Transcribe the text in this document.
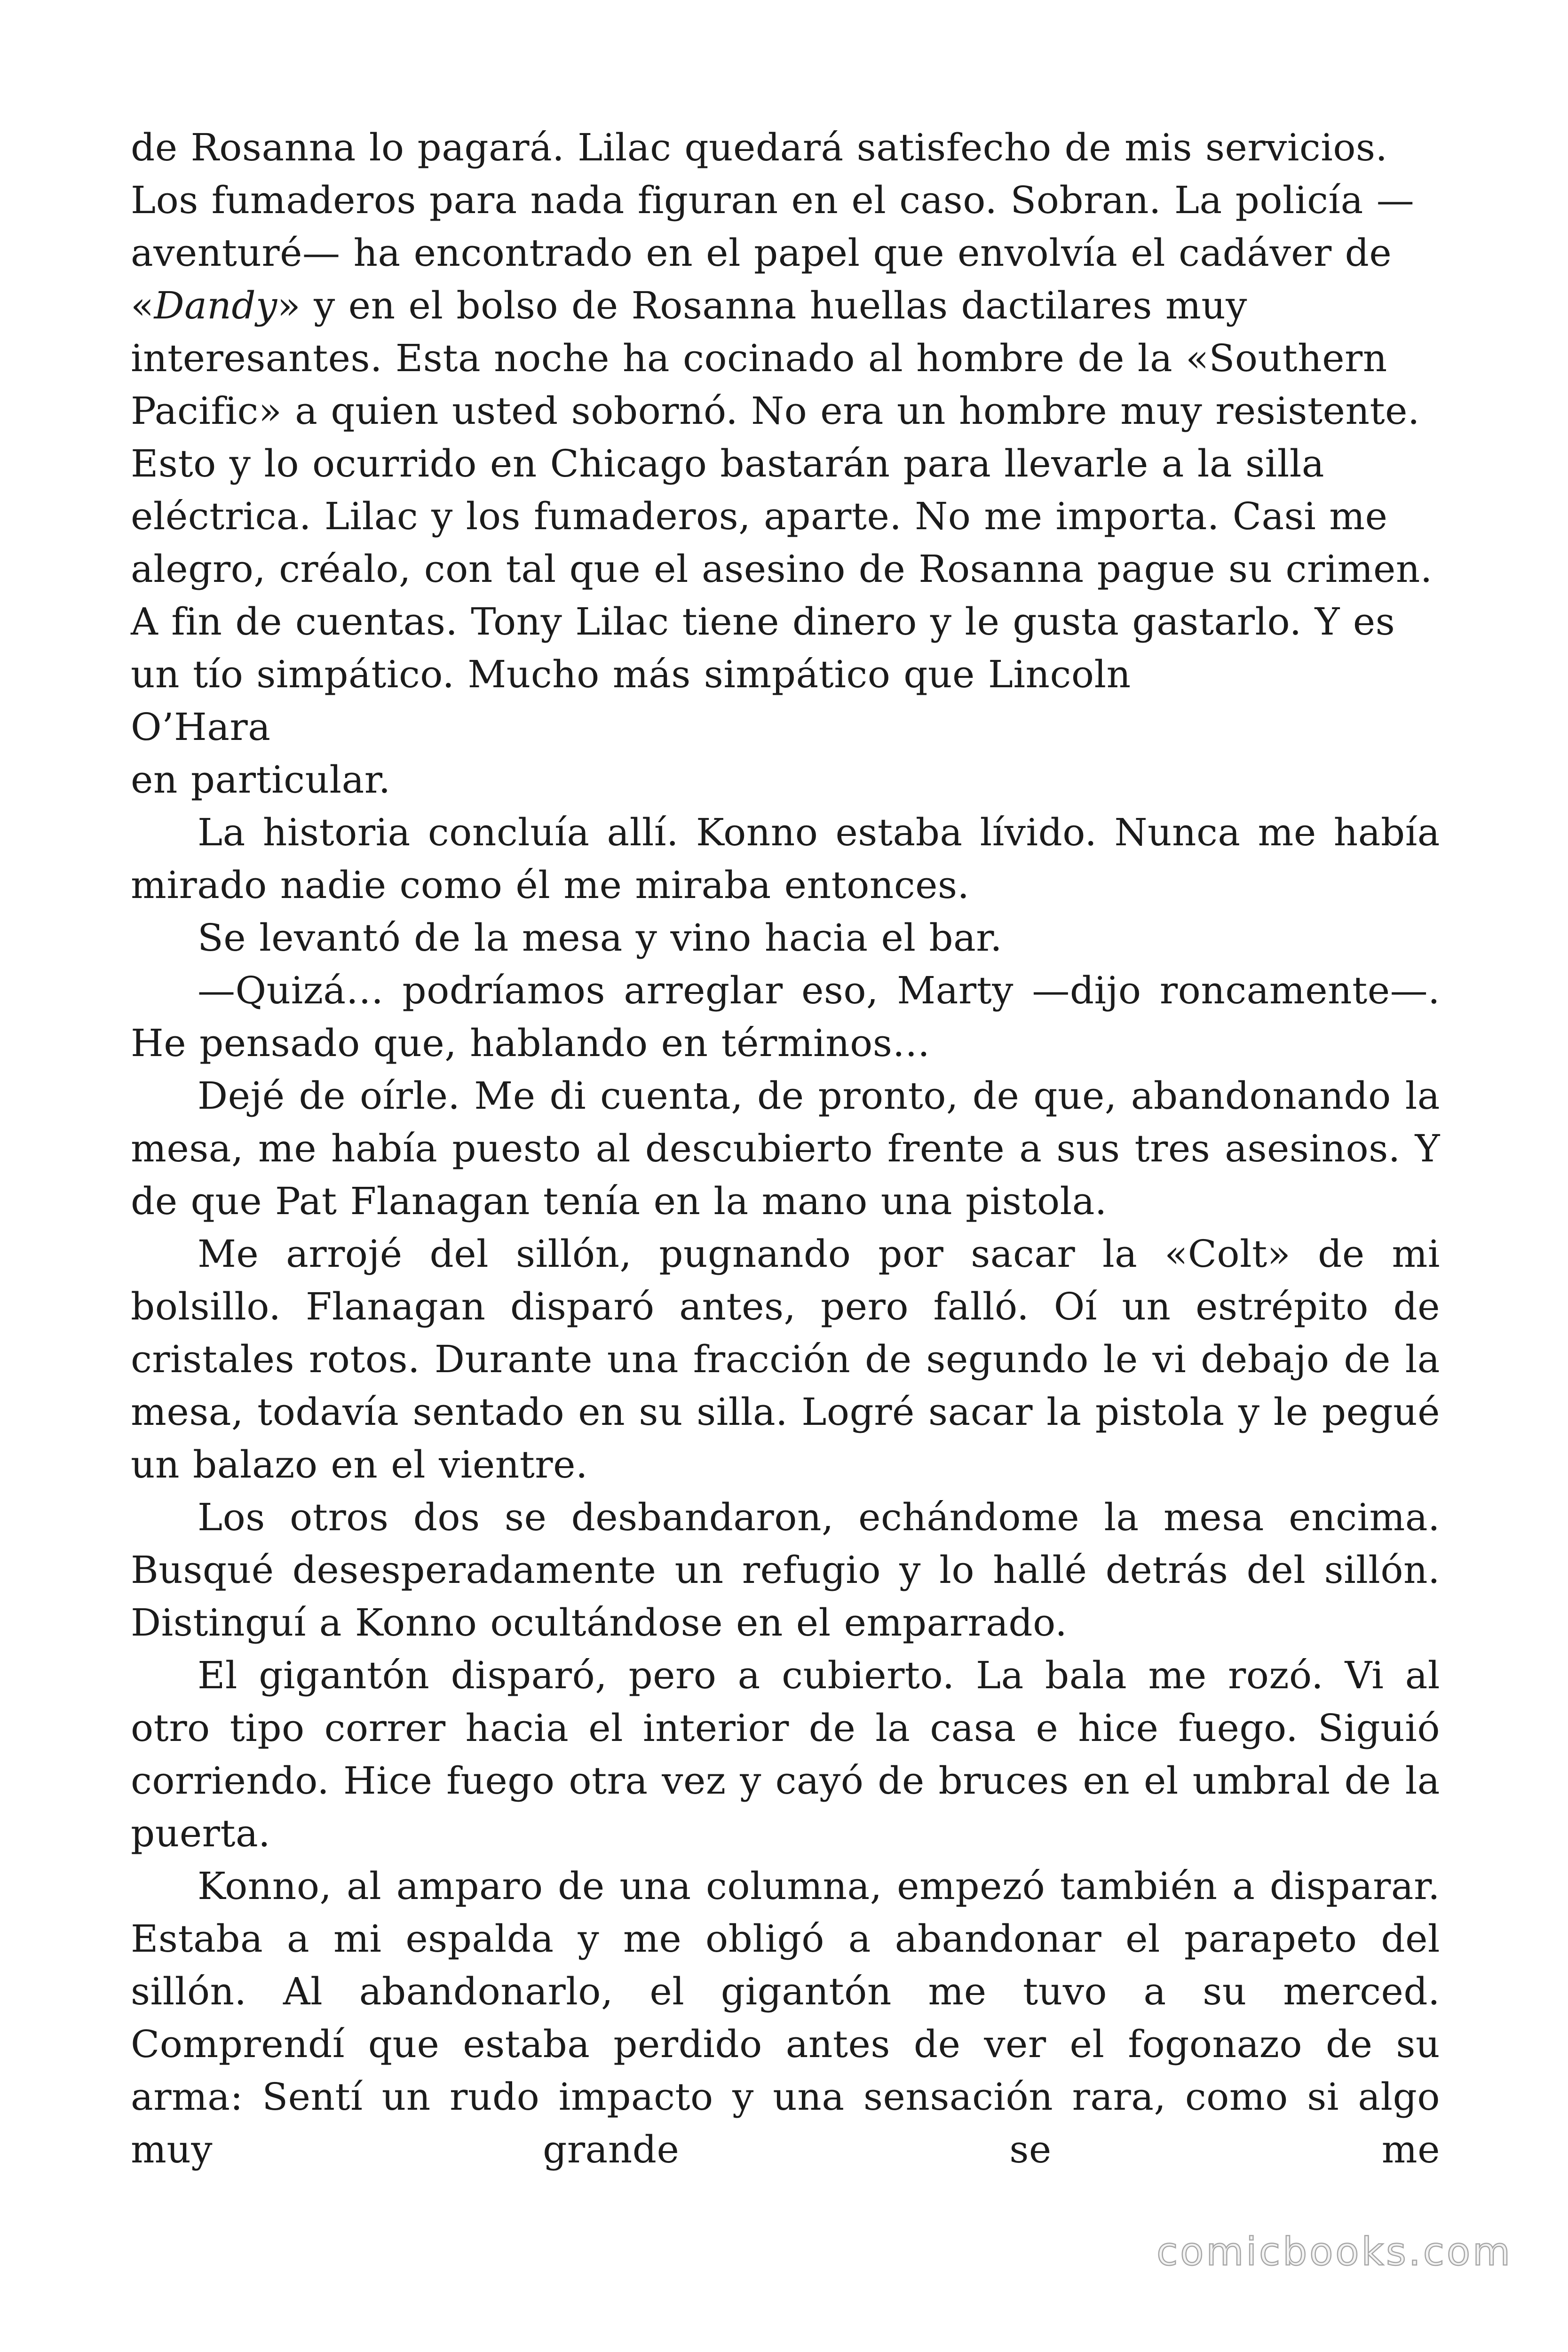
de Rosanna lo pagará. Lilac quedará satisfecho de mis servicios. Los fumaderos para nada figuran en el caso. Sobran. La policía —aventuré— ha encontrado en el papel que envolvía el cadáver de «Dandy» y en el bolso de Rosanna huellas dactilares muy interesantes. Esta noche ha cocinado al hombre de la «Southern Pacific» a quien usted sobornó. No era un hombre muy resistente. Esto y lo ocurrido en Chicago bastarán para llevarle a la silla eléctrica. Lilac y los fumaderos, aparte. No me importa. Casi me alegro, créalo, con tal que el asesino de Rosanna pague su crimen. A fin de cuentas. Tony Lilac tiene dinero y le gusta gastarlo. Y es un tío simpático. Mucho más simpático que Lincoln

O’Hara

en particular.

La historia concluía allí. Konno estaba lívido. Nunca me había mirado nadie como él me miraba entonces.

Se levantó de la mesa y vino hacia el bar.

—Quizá… podríamos arreglar eso, Marty —dijo roncamente—. He pensado que, hablando en términos…

Dejé de oírle. Me di cuenta, de pronto, de que, abandonando la mesa, me había puesto al descubierto frente a sus tres asesinos. Y de que Pat Flanagan tenía en la mano una pistola.

Me arrojé del sillón, pugnando por sacar la «Colt» de mi bolsillo. Flanagan disparó antes, pero falló. Oí un estrépito de cristales rotos. Durante una fracción de segundo le vi debajo de la mesa, todavía sentado en su silla. Logré sacar la pistola y le pegué un balazo en el vientre.

Los otros dos se desbandaron, echándome la mesa encima. Busqué desesperadamente un refugio y lo hallé detrás del sillón. Distinguí a Konno ocultándose en el emparrado.

El gigantón disparó, pero a cubierto. La bala me rozó. Vi al otro tipo correr hacia el interior de la casa e hice fuego. Siguió corriendo. Hice fuego otra vez y cayó de bruces en el umbral de la puerta.

Konno, al amparo de una columna, empezó también a disparar. Estaba a mi espalda y me obligó a abandonar el parapeto del sillón. Al abandonarlo, el gigantón me tuvo a su merced. Comprendí que estaba perdido antes de ver el fogonazo de su arma: Sentí un rudo impacto y una sensación rara, como si algo muy grande se me

comicbooks.com
